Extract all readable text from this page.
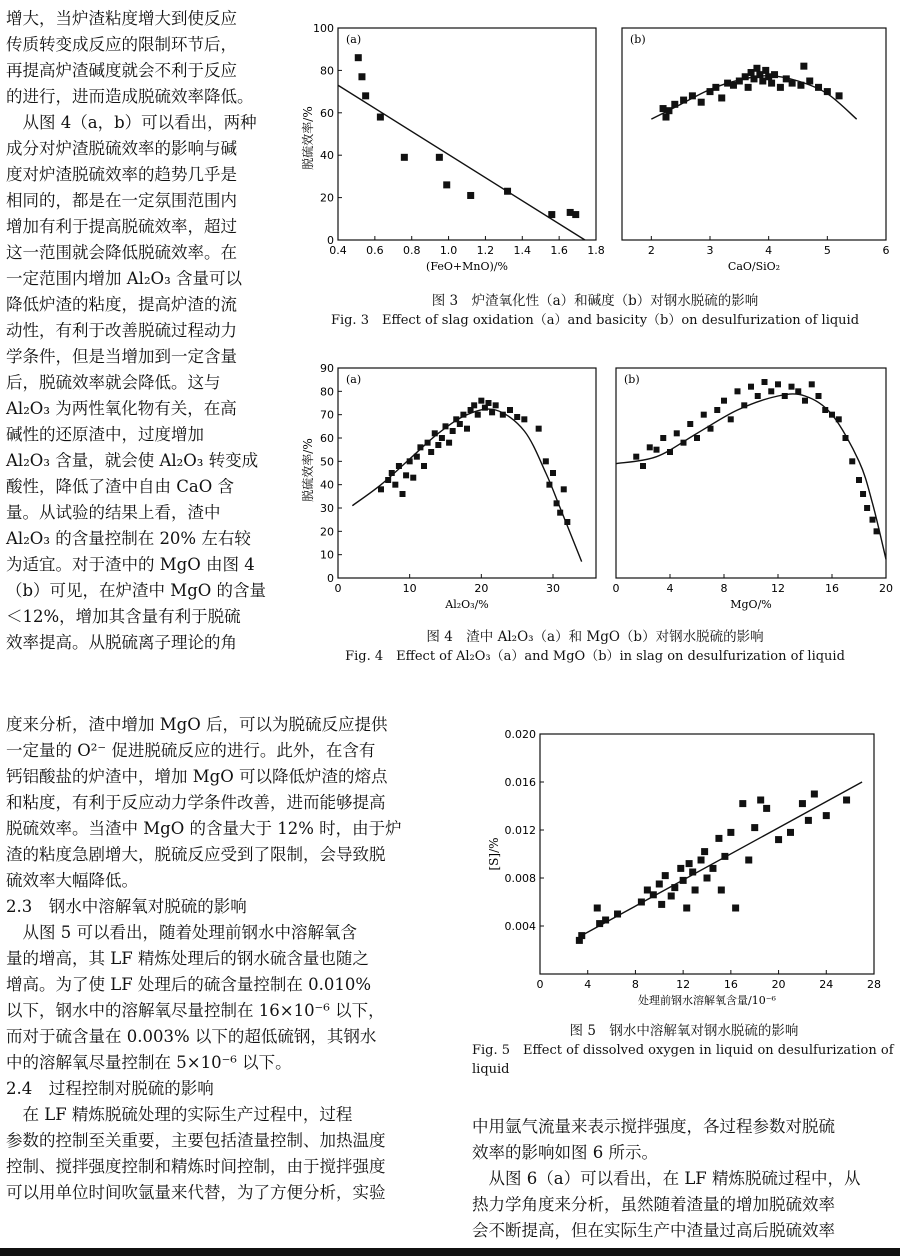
增大，当炉渣粘度增大到使反应

传质转变成反应的限制环节后，

再提高炉渣碱度就会不利于反应

的进行，进而造成脱硫效率降低。

　从图 4（a，b）可以看出，两种

成分对炉渣脱硫效率的影响与碱

度对炉渣脱硫效率的趋势几乎是

相同的，都是在一定氛围范围内

增加有利于提高脱硫效率，超过

这一范围就会降低脱硫效率。在

一定范围内增加 Al₂O₃ 含量可以

降低炉渣的粘度，提高炉渣的流

动性，有利于改善脱硫过程动力

学条件，但是当增加到一定含量

后，脱硫效率就会降低。这与

Al₂O₃ 为两性氧化物有关，在高

碱性的还原渣中，过度增加

Al₂O₃ 含量，就会使 Al₂O₃ 转变成

酸性，降低了渣中自由 CaO 含

量。从试验的结果上看，渣中

Al₂O₃ 的含量控制在 20% 左右较

为适宜。对于渣中的 MgO 由图 4

（b）可见，在炉渣中 MgO 的含量

＜12%，增加其含量有利于脱硫

效率提高。从脱硫离子理论的角

度来分析，渣中增加 MgO 后，可以为脱硫反应提供

一定量的 O²⁻ 促进脱硫反应的进行。此外，在含有

钙铝酸盐的炉渣中，增加 MgO 可以降低炉渣的熔点

和粘度，有利于反应动力学条件改善，进而能够提高

脱硫效率。当渣中 MgO 的含量大于 12% 时，由于炉

渣的粘度急剧增大，脱硫反应受到了限制，会导致脱

硫效率大幅降低。

2.3　钢水中溶解氧对脱硫的影响

　从图 5 可以看出，随着处理前钢水中溶解氧含

量的增高，其 LF 精炼处理后的钢水硫含量也随之

增高。为了使 LF 处理后的硫含量控制在 0.010%

以下，钢水中的溶解氧尽量控制在 16×10⁻⁶ 以下，

而对于硫含量在 0.003% 以下的超低硫钢，其钢水

中的溶解氧尽量控制在 5×10⁻⁶ 以下。

2.4　过程控制对脱硫的影响

　在 LF 精炼脱硫处理的实际生产过程中，过程

参数的控制至关重要，主要包括渣量控制、加热温度

控制、搅拌强度控制和精炼时间控制，由于搅拌强度

可以用单位时间吹氩量来代替，为了方便分析，实验

中用氩气流量来表示搅拌强度，各过程参数对脱硫

效率的影响如图 6 所示。

　从图 6（a）可以看出，在 LF 精炼脱硫过程中，从

热力学角度来分析，虽然随着渣量的增加脱硫效率

会不断提高，但在实际生产中渣量过高后脱硫效率

脱硫效率/%
0.4 0.6 0.8 1.0 1.2 1.4 1.6 1.8
0
20
40
60
80
100
(a)
(FeO+MnO)/%
2	3	4	5	6
(b)
CaO/SiO₂
图 3　炉渣氧化性（a）和碱度（b）对钢水脱硫的影响
Fig. 3　Effect of slag oxidation（a）and basicity（b）on desulfurization of liquid
脱硫效率/%
0	10	20	30
0
10
20
30
40
50
60
70
80
90
(a)
Al₂O₃/%
0	4	8	12	16	20
(b)
MgO/%
图 4　渣中 Al₂O₃（a）和 MgO（b）对钢水脱硫的影响
Fig. 4　Effect of Al₂O₃（a）and MgO（b）in slag on desulfurization of liquid
0	4	8	12	16	20	24	28
0.004
0.008
0.012
0.016
0.020
处理前钢水溶解氧含量/10⁻⁶
[S]/%
图 5　钢水中溶解氧对钢水脱硫的影响
Fig. 5　Effect of dissolved oxygen in liquid on desulfurization of
liquid
